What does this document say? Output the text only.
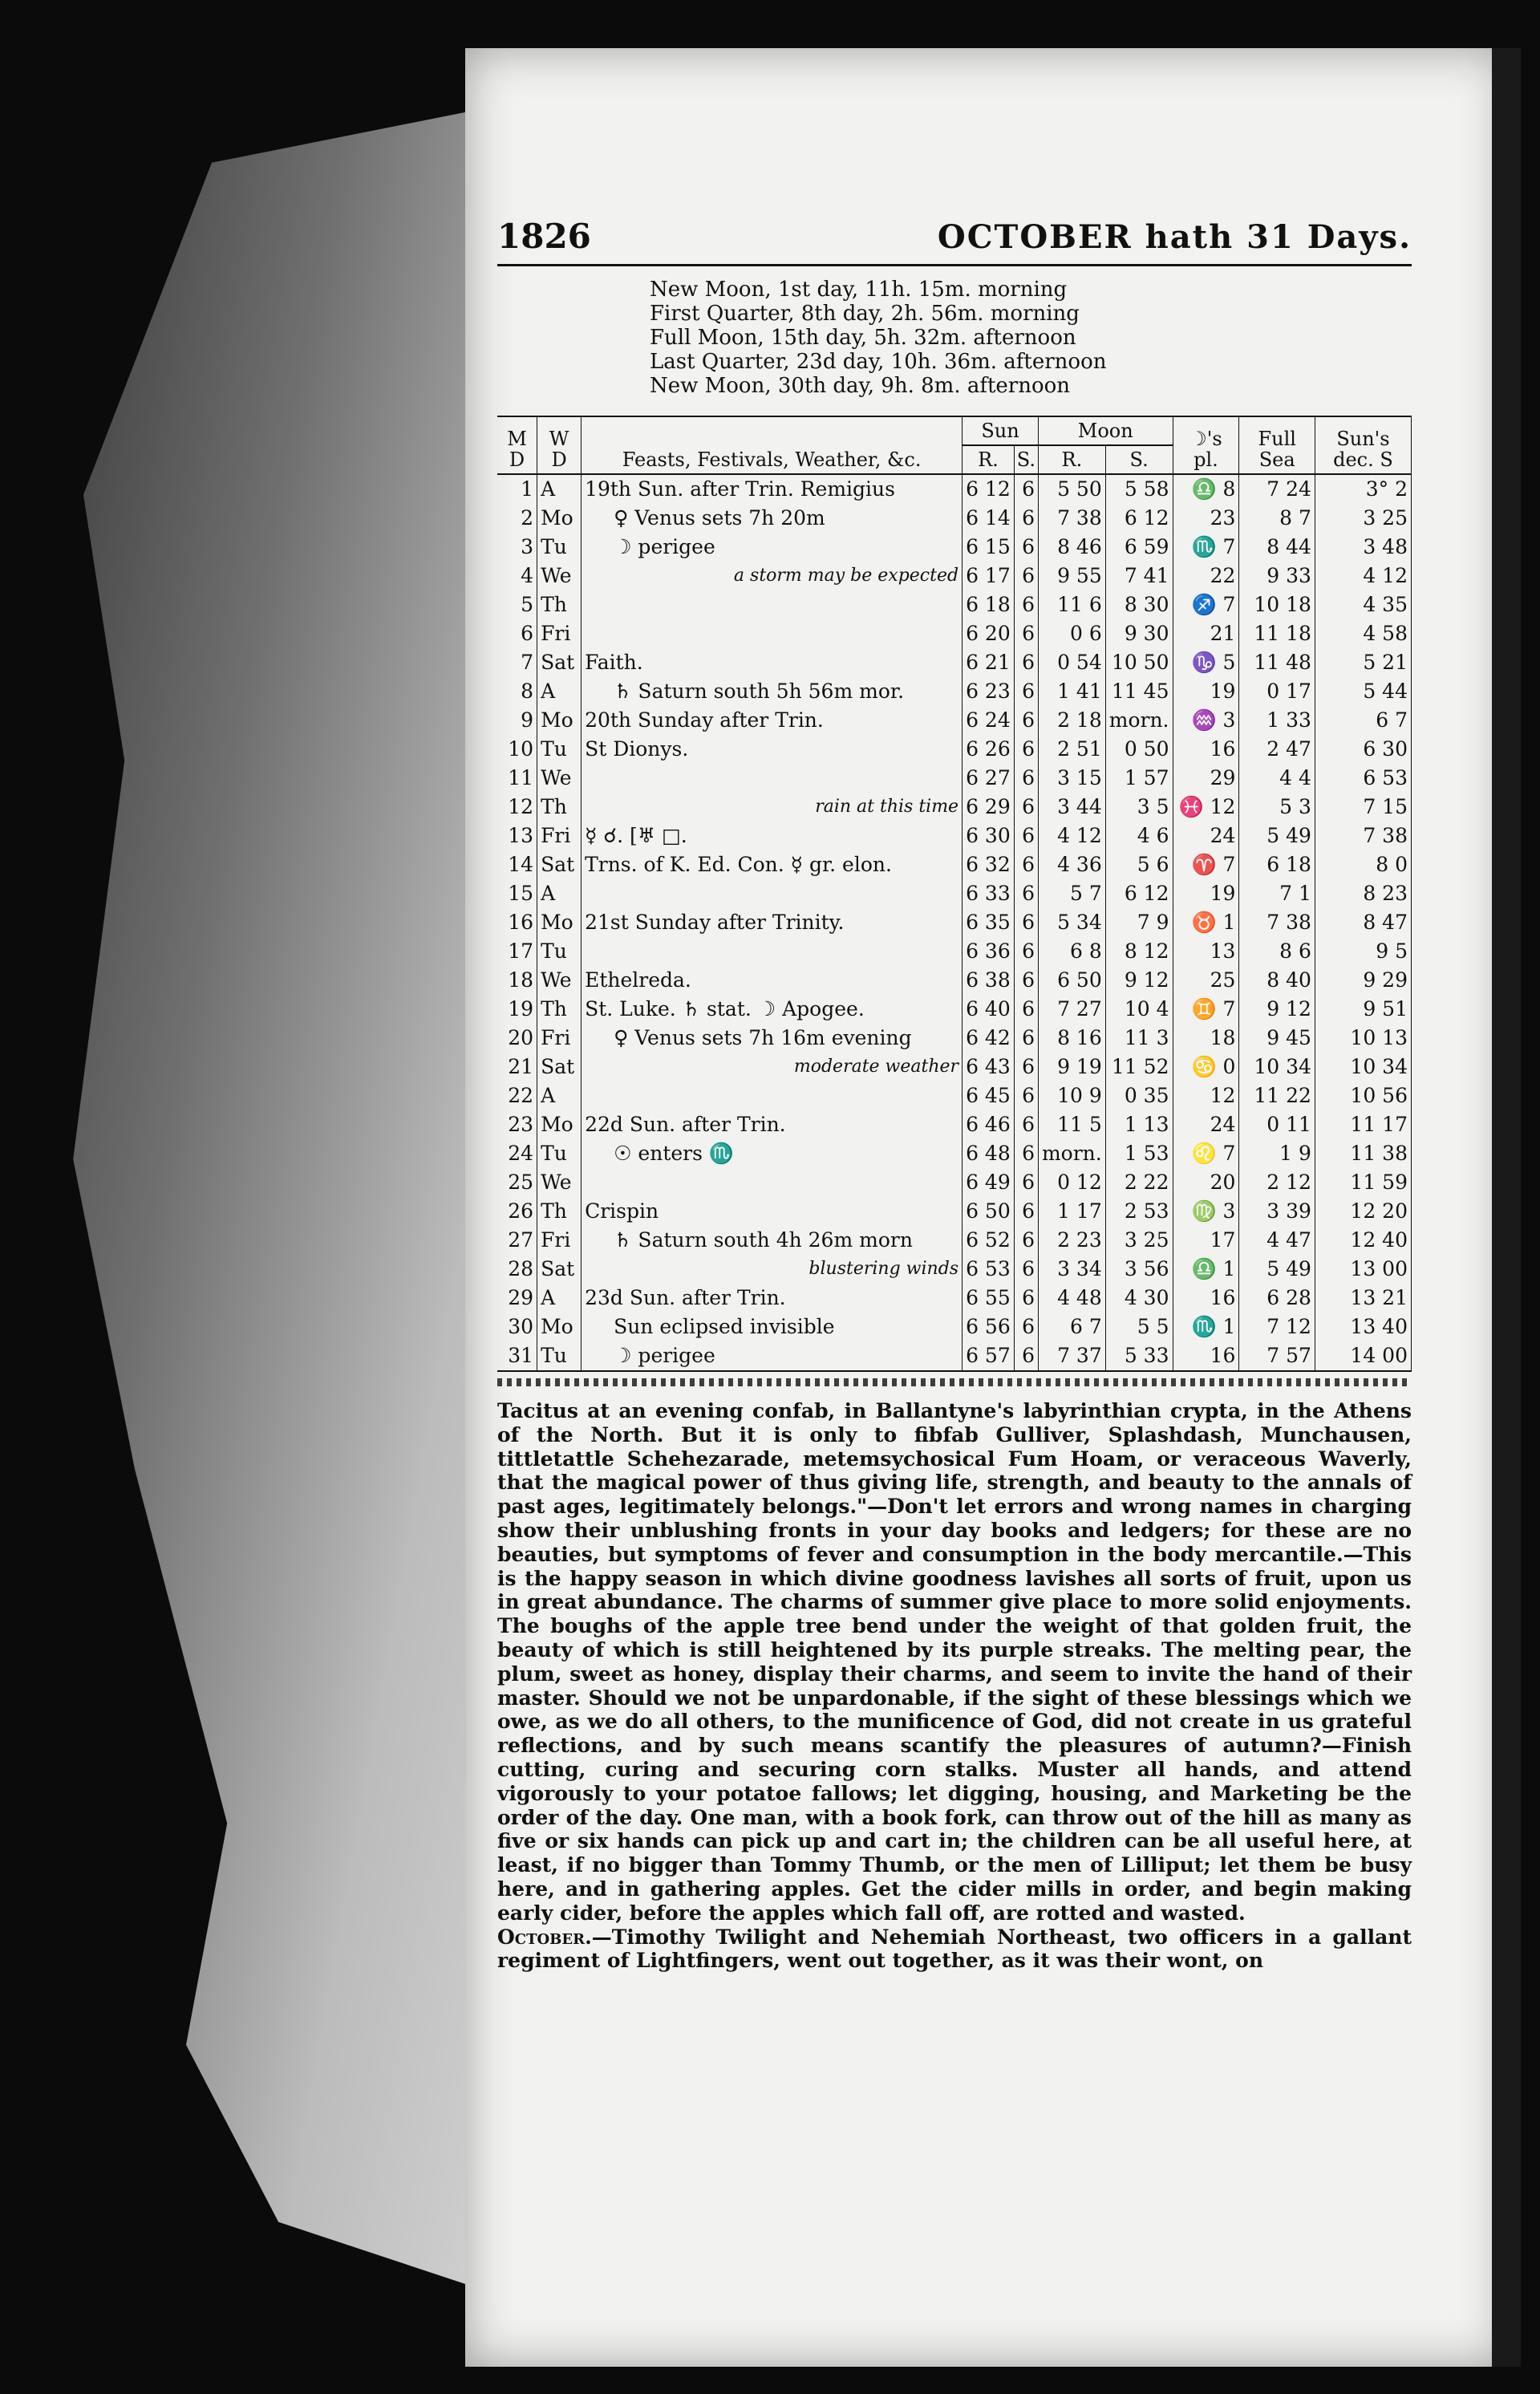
1826	OCTOBER hath 31 Days.
New Moon, 1st day, 11h. 15m. morning
First Quarter, 8th day, 2h. 56m. morning
Full Moon, 15th day, 5h. 32m. afternoon
Last Quarter, 23d day, 10h. 36m. afternoon
New Moon, 30th day, 9h. 8m. afternoon
M D	W D	Feasts, Festivals, Weather, &c.	Sun		Moon		☽'s pl.	Full Sea	Sun's dec. S
			R.	S.	R.	S.			
1	A	19th Sun. after Trin. Remigius	6 12	6	5 50	5 58	♎ 8	7 24	3° 2
2	Mo	♀ Venus sets 7h 20m	6 14	6	7 38	6 12	23	8 7	3 25
3	Tu	☽ perigee	6 15	6	8 46	6 59	♏ 7	8 44	3 48
4	We	a storm may be expected	6 17	6	9 55	7 41	22	9 33	4 12
5	Th		6 18	6	11 6	8 30	♐ 7	10 18	4 35
6	Fri		6 20	6	0 6	9 30	21	11 18	4 58
7	Sat	Faith.	6 21	6	0 54	10 50	♑ 5	11 48	5 21
8	A	♄ Saturn south 5h 56m mor.	6 23	6	1 41	11 45	19	0 17	5 44
9	Mo	20th Sunday after Trin.	6 24	6	2 18	morn.	♒ 3	1 33	6 7
10	Tu	St Dionys.	6 26	6	2 51	0 50	16	2 47	6 30
11	We		6 27	6	3 15	1 57	29	4 4	6 53
12	Th	rain at this time	6 29	6	3 44	3 5	♓ 12	5 3	7 15
13	Fri	☿ ☌. [♅ □.	6 30	6	4 12	4 6	24	5 49	7 38
14	Sat	Trns. of K. Ed. Con. ☿ gr. elon.	6 32	6	4 36	5 6	♈ 7	6 18	8 0
15	A		6 33	6	5 7	6 12	19	7 1	8 23
16	Mo	21st Sunday after Trinity.	6 35	6	5 34	7 9	♉ 1	7 38	8 47
17	Tu		6 36	6	6 8	8 12	13	8 6	9 5
18	We	Ethelreda.	6 38	6	6 50	9 12	25	8 40	9 29
19	Th	St. Luke. ♄ stat. ☽ Apogee.	6 40	6	7 27	10 4	♊ 7	9 12	9 51
20	Fri	♀ Venus sets 7h 16m evening	6 42	6	8 16	11 3	18	9 45	10 13
21	Sat	moderate weather	6 43	6	9 19	11 52	♋ 0	10 34	10 34
22	A		6 45	6	10 9	0 35	12	11 22	10 56
23	Mo	22d Sun. after Trin.	6 46	6	11 5	1 13	24	0 11	11 17
24	Tu	☉ enters ♏	6 48	6	morn.	1 53	♌ 7	1 9	11 38
25	We		6 49	6	0 12	2 22	20	2 12	11 59
26	Th	Crispin	6 50	6	1 17	2 53	♍ 3	3 39	12 20
27	Fri	♄ Saturn south 4h 26m morn	6 52	6	2 23	3 25	17	4 47	12 40
28	Sat	blustering winds	6 53	6	3 34	3 56	♎ 1	5 49	13 00
29	A	23d Sun. after Trin.	6 55	6	4 48	4 30	16	6 28	13 21
30	Mo	Sun eclipsed invisible	6 56	6	6 7	5 5	♏ 1	7 12	13 40
31	Tu	☽ perigee	6 57	6	7 37	5 33	16	7 57	14 00

Tacitus at an evening confab, in Ballantyne's labyrinthian crypta, in the Athens of the North. But it is only to fibfab Gulliver, Splashdash, Munchausen, tittletattle Schehezarade, metemsychosical Fum Hoam, or veraceous Waverly, that the magical power of thus giving life, strength, and beauty to the annals of past ages, legitimately belongs."—Don't let errors and wrong names in charging show their unblushing fronts in your day books and ledgers; for these are no beauties, but symptoms of fever and consumption in the body mercantile.—This is the happy season in which divine goodness lavishes all sorts of fruit, upon us in great abundance. The charms of summer give place to more solid enjoyments. The boughs of the apple tree bend under the weight of that golden fruit, the beauty of which is still heightened by its purple streaks. The melting pear, the plum, sweet as honey, display their charms, and seem to invite the hand of their master. Should we not be unpardonable, if the sight of these blessings which we owe, as we do all others, to the munificence of God, did not create in us grateful reflections, and by such means scantify the pleasures of autumn?—Finish cutting, curing and securing corn stalks. Muster all hands, and attend vigorously to your potatoe fallows; let digging, housing, and Marketing be the order of the day. One man, with a book fork, can throw out of the hill as many as five or six hands can pick up and cart in; the children can be all useful here, at least, if no bigger than Tommy Thumb, or the men of Lilliput; let them be busy here, and in gathering apples. Get the cider mills in order, and begin making early cider, before the apples which fall off, are rotted and wasted.

October.—Timothy Twilight and Nehemiah Northeast, two officers in a gallant regiment of Lightfingers, went out together, as it was their wont, on
